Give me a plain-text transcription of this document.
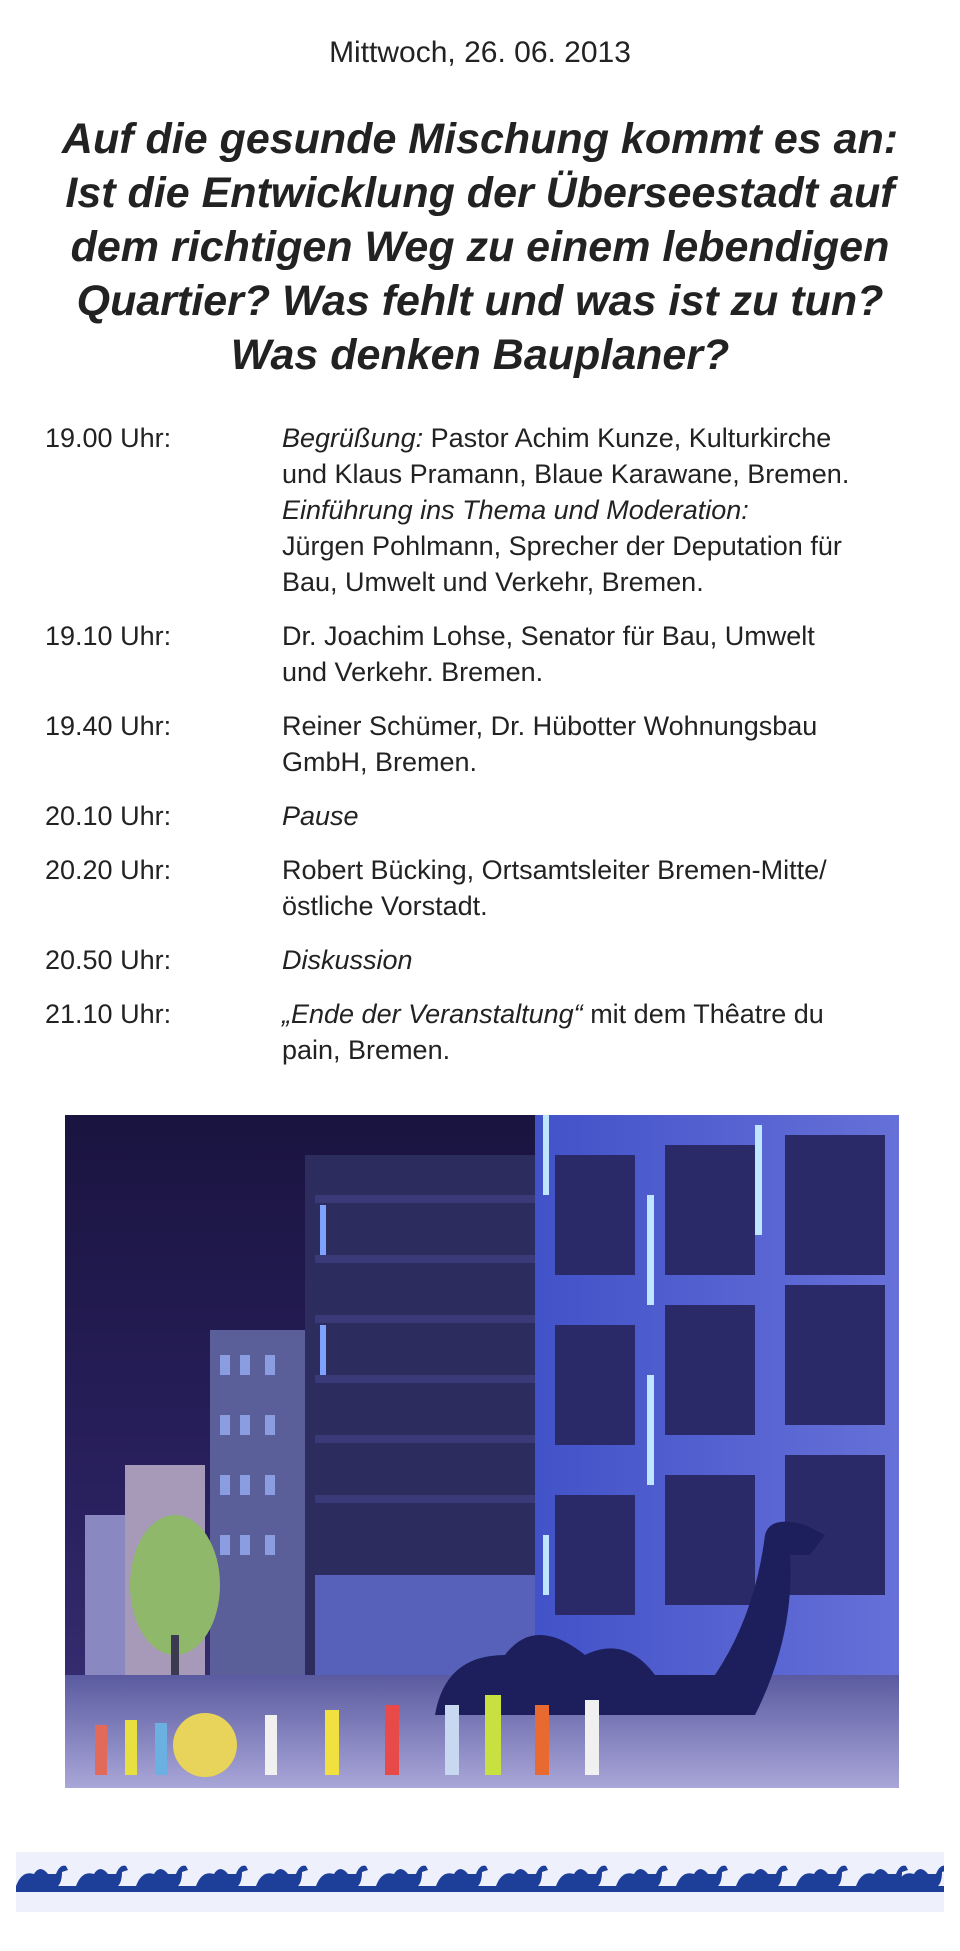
Mittwoch, 26. 06. 2013
Auf die gesunde Mischung kommt es an:
Ist die Entwicklung der Überseestadt auf
dem richtigen Weg zu einem lebendigen
Quartier? Was fehlt und was ist zu tun?
Was denken Bauplaner?
19.00 Uhr:	Begrüßung: Pastor Achim Kunze, Kulturkirche
und Klaus Pramann, Blaue Karawane, Bremen.
Einführung ins Thema und Moderation:
Jürgen Pohlmann, Sprecher der Deputation für
Bau, Umwelt und Verkehr, Bremen.
19.10 Uhr:	Dr. Joachim Lohse, Senator für Bau, Umwelt
und Verkehr. Bremen.
19.40 Uhr:	Reiner Schümer, Dr. Hübotter Wohnungsbau
GmbH, Bremen.
20.10 Uhr:	Pause
20.20 Uhr:	Robert Bücking, Ortsamtsleiter Bremen-Mitte/
östliche Vorstadt.
20.50 Uhr:	Diskussion
21.10 Uhr:	„Ende der Veranstaltung“ mit dem Thêatre du
pain, Bremen.
